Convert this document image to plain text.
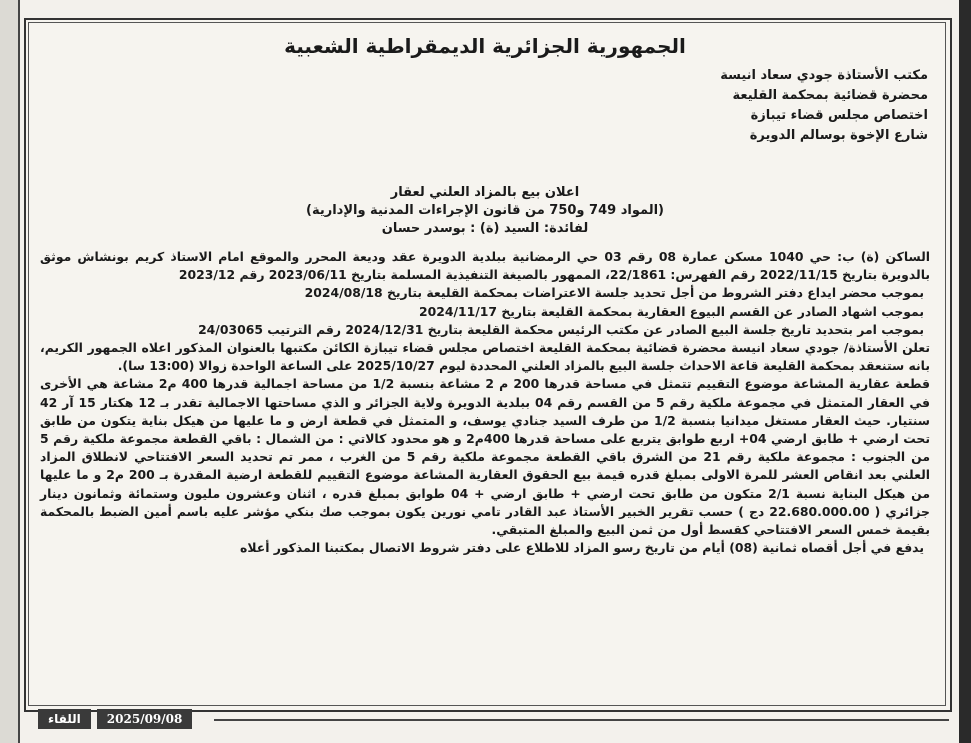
الجمهورية الجزائرية الديمقراطية الشعبية
مكتب الأستاذة جودي سعاد انيسة
محضرة قضائية بمحكمة القليعة
اختصاص مجلس قضاء تيبازة
شارع الإخوة بوسالم الدويرة
اعلان بيع بالمزاد العلني لعقار
(المواد 749 و750 من قانون الإجراءات المدنية والإدارية)
لفائدة: السيد (ة) : بوسدر حسان

الساكن (ة) ب: حي 1040 مسكن عمارة 08 رقم 03 حي الرمضانية ببلدية الدويرة عقد وديعة المحرر والموقع امام الاستاذ كريم بونشاش موثق بالدويرة بتاريخ 2022/11/15 رقم الفهرس: 22/1861، الممهور بالصيغة التنفيذية المسلمة بتاريخ 2023/06/11 رقم 2023/12

بموجب محضر ايداع دفتر الشروط من أجل تحديد جلسة الاعتراضات بمحكمة القليعة بتاريخ 2024/08/18

بموجب اشهاد الصادر عن القسم البيوع العقارية بمحكمة القليعة بتاريخ 2024/11/17

بموجب امر بتحديد تاريخ جلسة البيع الصادر عن مكتب الرئيس محكمة القليعة بتاريخ 2024/12/31 رقم الترتيب 24/03065

تعلن الأستاذة/ جودي سعاد انيسة محضرة قضائية بمحكمة القليعة اختصاص مجلس قضاء تيبازة الكائن مكتبها بالعنوان المذكور اعلاه الجمهور الكريم، بانه ستنعقد بمحكمة القليعة قاعة الاحداث جلسة البيع بالمزاد العلني المحددة ليوم 2025/10/27 على الساعة الواحدة زوالا (13:00 سا).

قطعة عقارية المشاعة موضوع التقييم تتمثل في مساحة قدرها 200 م 2 مشاعة بنسبة 1/2 من مساحة اجمالية قدرها 400 م2 مشاعة هي الأخرى في العقار المتمثل في مجموعة ملكية رقم 5 من القسم رقم 04 ببلدية الدويرة ولاية الجزائر و الذي مساحتها الاجمالية تقدر بـ 12 هكتار 15 آر 42 سنتيار. حيث العقار مستغل ميدانيا بنسبة 1/2 من طرف السيد جنادي يوسف، و المتمثل في قطعة ارض و ما عليها من هيكل بناية يتكون من طابق تحت ارضي + طابق ارضي 04+ اربع طوابق يتربع على مساحة قدرها 400م2 و هو محدود كالاتي : من الشمال : باقي القطعة مجموعة ملكية رقم 5 من الجنوب : مجموعة ملكية رقم 21 من الشرق باقي القطعة مجموعة ملكية رقم 5 من الغرب ، ممر تم تحديد السعر الافتتاحي لانطلاق المزاد العلني بعد انقاص العشر للمرة الاولى بمبلغ قدره قيمة بيع الحقوق العقارية المشاعة موضوع التقييم للقطعة ارضية المقدرة بـ 200 م2 و ما عليها من هيكل البناية نسبة 2/1 متكون من طابق تحت ارضي + طابق ارضي + 04 طوابق بمبلغ قدره ، اثنان وعشرون مليون وستمائة وثمانون دينار جزائري ( 22.680.000.00 دج ) حسب تقرير الخبير الأستاذ عبد القادر تامي نورين يكون بموجب صك بنكي مؤشر عليه باسم أمين الضبط بالمحكمة بقيمة خمس السعر الافتتاحي كقسط أول من ثمن البيع والمبلغ المتبقي.

يدفع في أجل أقصاه ثمانية (08) أيام من تاريخ رسو المزاد للاطلاع على دفتر شروط الاتصال بمكتبنا المذكور أعلاه

اللقاء	2025/09/08
